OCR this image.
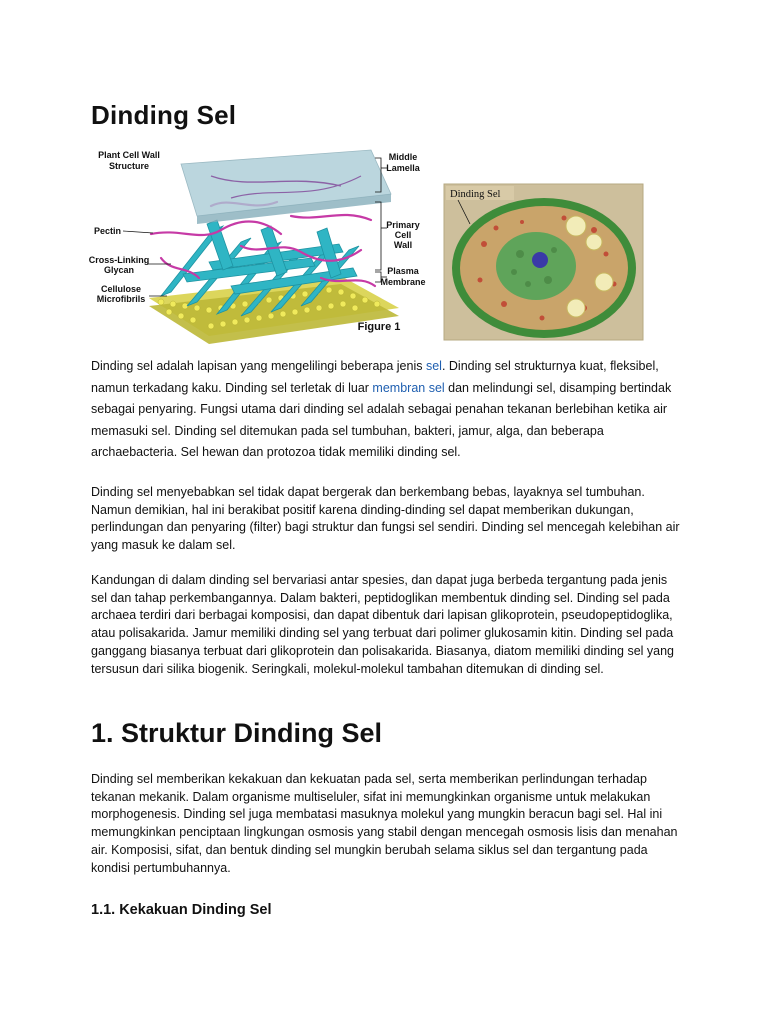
Dinding Sel
Plant Cell Wall
Structure
Pectin
Cross-Linking
Glycan
Cellulose
Microfibrils
Middle
Lamella
Primary
Cell
Wall
Plasma
Membrane
Figure 1
Dinding Sel

Dinding sel adalah lapisan yang mengelilingi beberapa jenis sel. Dinding sel strukturnya kuat, fleksibel, namun terkadang kaku. Dinding sel terletak di luar membran sel dan melindungi sel, disamping bertindak sebagai penyaring. Fungsi utama dari dinding sel adalah sebagai penahan tekanan berlebihan ketika air memasuki sel. Dinding sel ditemukan pada sel tumbuhan, bakteri, jamur, alga, dan beberapa archaebacteria. Sel hewan dan protozoa tidak memiliki dinding sel.

Dinding sel menyebabkan sel tidak dapat bergerak dan berkembang bebas, layaknya sel tumbuhan. Namun demikian, hal ini berakibat positif karena dinding-dinding sel dapat memberikan dukungan, perlindungan dan penyaring (filter) bagi struktur dan fungsi sel sendiri. Dinding sel mencegah kelebihan air yang masuk ke dalam sel.

Kandungan di dalam dinding sel bervariasi antar spesies, dan dapat juga berbeda tergantung pada jenis sel dan tahap perkembangannya. Dalam bakteri, peptidoglikan membentuk dinding sel. Dinding sel pada archaea terdiri dari berbagai komposisi, dan dapat dibentuk dari lapisan glikoprotein, pseudopeptidoglika, atau polisakarida. Jamur memiliki dinding sel yang terbuat dari polimer glukosamin kitin. Dinding sel pada ganggang biasanya terbuat dari glikoprotein dan polisakarida. Biasanya, diatom memiliki dinding sel yang tersusun dari silika biogenik. Seringkali, molekul-molekul tambahan ditemukan di dinding sel.

1. Struktur Dinding Sel

Dinding sel memberikan kekakuan dan kekuatan pada sel, serta memberikan perlindungan terhadap tekanan mekanik. Dalam organisme multiseluler, sifat ini memungkinkan organisme untuk melakukan morphogenesis. Dinding sel juga membatasi masuknya molekul yang mungkin beracun bagi sel. Hal ini memungkinkan penciptaan lingkungan osmosis yang stabil dengan mencegah osmosis lisis dan menahan air. Komposisi, sifat, dan bentuk dinding sel mungkin berubah selama siklus sel dan tergantung pada kondisi pertumbuhannya.

1.1. Kekakuan Dinding Sel
